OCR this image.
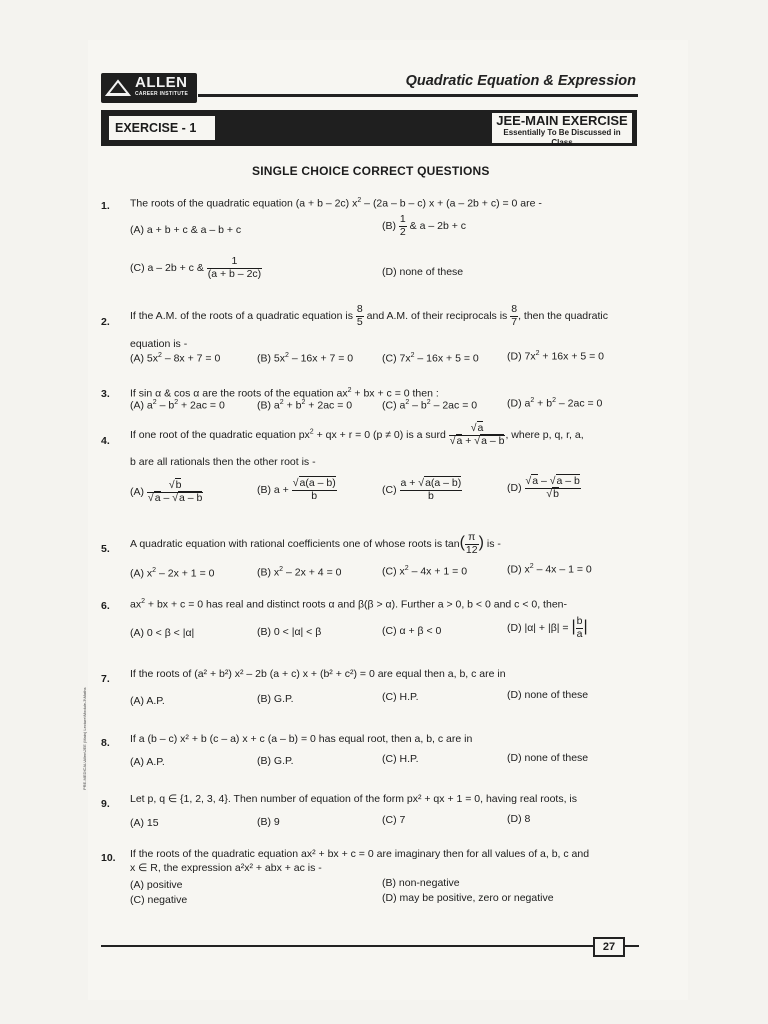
ALLEN
CAREER INSTITUTE
Quadratic Equation & Expression
EXERCISE - 1	JEE-MAIN EXERCISE
Essentially To Be Discussed in Class
SINGLE CHOICE CORRECT QUESTIONS
1. The roots of the quadratic equation (a + b – 2c) $x^2 - (2a - b - c) x + (a - 2b + c) = 0$ are -
(A) a + b + c & a – b + c	$(B) \frac{1}{2}$ & a – 2b + c
(C) a – 2b + c & $\frac{1}{(a + b - 2c)}$	(D) none of these
2.
If the A.M. of the roots of a quadratic equation is $\frac{8}{5}$ and A.M. of their reciprocals is $\frac{8}{7}$ , then the quadratic
equation is -
(A) $5x^2 - 8x + 7 = 0$	(B) $5x^2 - 16x + 7 = 0$	(C) $7x^2 - 16x + 5 = 0$	(D) $7x^2 + 16x + 5 = 0$
3. If sin α & cos α are the roots of the equation $ax^2$ + bx + c = 0 then :
(A) $a^2 - b^2 + 2ac = 0$	(B) $a^2 + b^2 + 2ac = 0$	(C) $a^2 - b^2 - 2ac = 0$	(D) $a^2 + b^2 - 2ac = 0$
4.
If one root of the quadratic equation $px^2$ + qx + r = 0 (p ≠ 0) is a surd $\frac{√a}{√a + √a - b}$ , where p, q, r, a,
b are all rationals then the other root is -
$(A) \frac{√b}{√a - √a - b}$	(B) $a + \frac{√a(a - b)}{b}$	$(C) \frac{a + √a(a - b)}{b}$	$(D) \frac{√a - √a - b}{√b}$
5. A quadratic equation with rational coefficients one of whose roots is $\tan( \frac{\pi}{12}$ ) is -
(A) $x^2 - 2x + 1 = 0$	(B) $x^2 - 2x + 4 = 0$	(C) $x^2 - 4x + 1 = 0$	(D) $x^2 - 4x - 1 = 0$
6. $ax^2$ + bx + c = 0 has real and distinct roots α and β(β > α). Further a > 0, b < 0 and c < 0, then-
(A) 0 < β < |α|	(B) 0 < |α| < β	(C) α + β < 0	(D) |α| + |β| = | $\frac{b}{a}$ |
7. If the roots of (a² + b²) x² – 2b (a + c) x + (b² + c²) = 0 are equal then a, b, c are in
(A) A.P.	(B) G.P.	(C) H.P.	(D) none of these
8. If a (b – c) x² + b (c – a) x + c (a – b) = 0 has equal root, then a, b, c are in
(A) A.P.	(B) G.P.	(C) H.P.	(D) none of these
9. Let p, q ∈ {1, 2, 3, 4}. Then number of equation of the form px² + qx + 1 = 0, having real roots, is
(A) 15	(B) 9	(C) 7	(D) 8
10. If the roots of the quadratic equation ax² + bx + c = 0 are imaginary then for all values of a, b, c and
x ∈ R, the expression a²x² + abx + ac is -
(A) positive	(B) non-negative
(C) negative	(D) may be positive, zero or negative
PRE-MEDICAL\Allen\JEE (Main) Lecture\Module-3\Maths
27
